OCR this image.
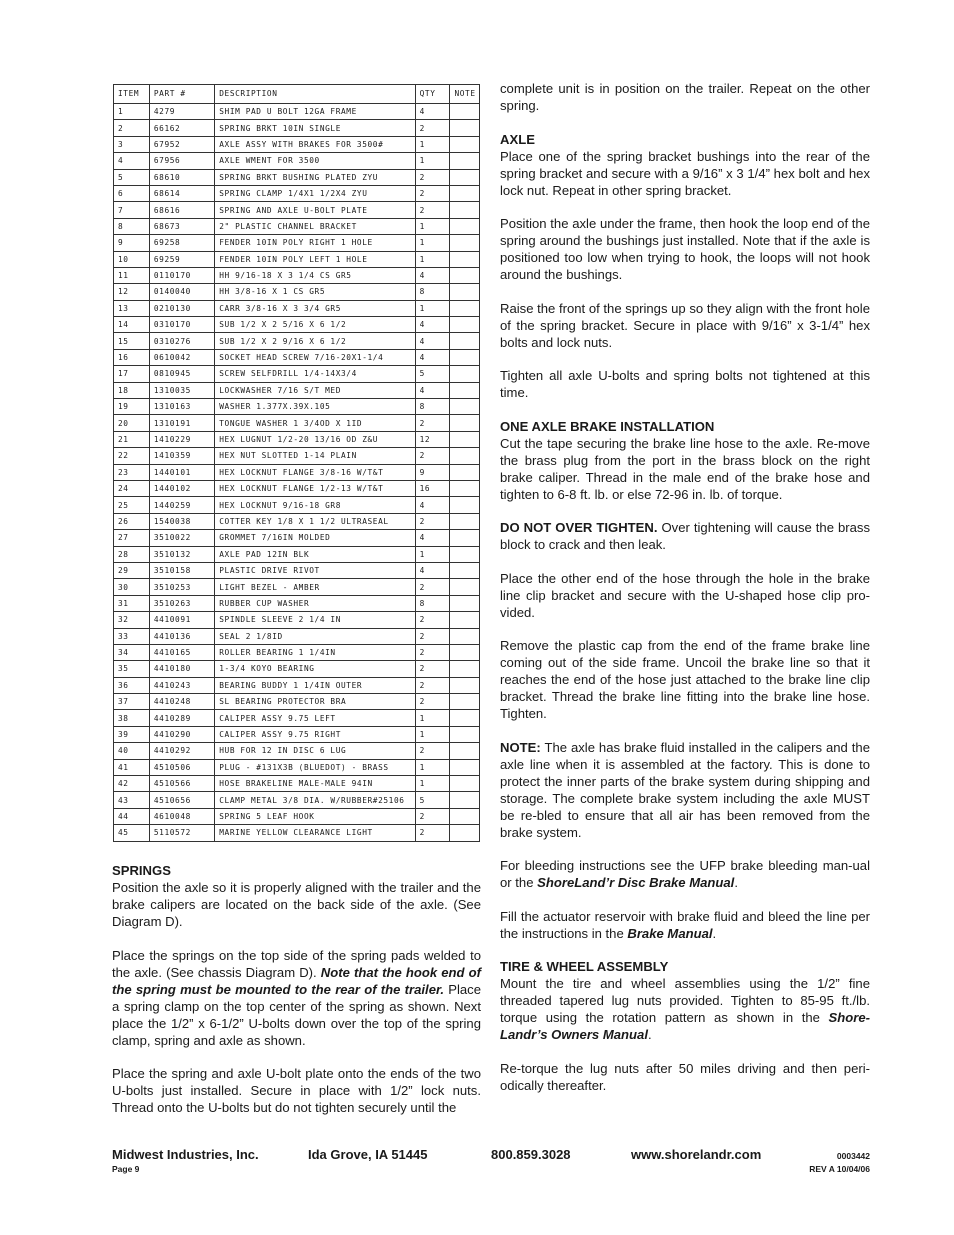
ITEM	PART #	DESCRIPTION	QTY	NOTE
1	4279	SHIM PAD U BOLT 12GA FRAME	4	
2	66162	SPRING BRKT 10IN SINGLE	2	
3	67952	AXLE ASSY WITH BRAKES FOR 3500#	1	
4	67956	AXLE WMENT FOR 3500	1	
5	68610	SPRING BRKT BUSHING PLATED ZYU	2	
6	68614	SPRING CLAMP 1/4X1 1/2X4 ZYU	2	
7	68616	SPRING AND AXLE U-BOLT PLATE	2	
8	68673	2" PLASTIC CHANNEL BRACKET	1	
9	69258	FENDER 10IN POLY RIGHT 1 HOLE	1	
10	69259	FENDER 10IN POLY LEFT 1 HOLE	1	
11	0110170	HH 9/16-18 X 3 1/4 CS GR5	4	
12	0140040	HH 3/8-16 X 1 CS GR5	8	
13	0210130	CARR 3/8-16 X 3 3/4 GR5	1	
14	0310170	SUB 1/2 X 2 5/16 X 6 1/2	4	
15	0310276	SUB 1/2 X 2 9/16 X 6 1/2	4	
16	0610042	SOCKET HEAD SCREW 7/16-20X1-1/4	4	
17	0810945	SCREW SELFDRILL 1/4-14X3/4	5	
18	1310035	LOCKWASHER 7/16 S/T MED	4	
19	1310163	WASHER 1.377X.39X.105	8	
20	1310191	TONGUE WASHER 1 3/4OD X 1ID	2	
21	1410229	HEX LUGNUT 1/2-20 13/16 OD Z&U	12	
22	1410359	HEX NUT SLOTTED 1-14 PLAIN	2	
23	1440101	HEX LOCKNUT FLANGE 3/8-16 W/T&T	9	
24	1440102	HEX LOCKNUT FLANGE 1/2-13 W/T&T	16	
25	1440259	HEX LOCKNUT 9/16-18 GR8	4	
26	1540038	COTTER KEY 1/8 X 1 1/2 ULTRASEAL	2	
27	3510022	GROMMET 7/16IN MOLDED	4	
28	3510132	AXLE PAD 12IN BLK	1	
29	3510158	PLASTIC DRIVE RIVOT	4	
30	3510253	LIGHT BEZEL - AMBER	2	
31	3510263	RUBBER CUP WASHER	8	
32	4410091	SPINDLE SLEEVE 2 1/4 IN	2	
33	4410136	SEAL 2 1/8ID	2	
34	4410165	ROLLER BEARING 1 1/4IN	2	
35	4410180	1-3/4 KOYO BEARING	2	
36	4410243	BEARING BUDDY 1 1/4IN OUTER	2	
37	4410248	SL BEARING PROTECTOR BRA	2	
38	4410289	CALIPER ASSY 9.75 LEFT	1	
39	4410290	CALIPER ASSY 9.75 RIGHT	1	
40	4410292	HUB FOR 12 IN DISC 6 LUG	2	
41	4510506	PLUG - #131X3B (BLUEDOT) - BRASS	1	
42	4510566	HOSE BRAKELINE MALE-MALE 94IN	1	
43	4510656	CLAMP METAL 3/8 DIA. W/RUBBER#25106	5	
44	4610048	SPRING 5 LEAF HOOK	2	
45	5110572	MARINE YELLOW CLEARANCE LIGHT	2	
SPRINGS

Position the axle so it is properly aligned with the trailer and the brake calipers are located on the back side of the axle. (See Diagram D).

Place the springs on the top side of the spring pads welded to the axle. (See chassis Diagram D). Note that the hook end of the spring must be mounted to the rear of the trailer. Place a spring clamp on the top center of the spring as shown. Next place the 1/2” x 6-1/2” U-bolts down over the top of the spring clamp, spring and axle as shown.

Place the spring and axle U-bolt plate onto the ends of the two U-bolts just installed. Secure in place with 1/2” lock nuts. Thread onto the U-bolts but do not tighten securely until the

complete unit is in position on the trailer. Repeat on the other spring.

AXLE

Place one of the spring bracket bushings into the rear of the spring bracket and secure with a 9/16” x 3 1/4” hex bolt and hex lock nut. Repeat in other spring bracket.

Position the axle under the frame, then hook the loop end of the spring around the bushings just installed. Note that if the axle is positioned too low when trying to hook, the loops will not hook around the bushings.

Raise the front of the springs up so they align with the front hole of the spring bracket. Secure in place with 9/16” x 3-1/4” hex bolts and lock nuts.

Tighten all axle U-bolts and spring bolts not tightened at this time.

ONE AXLE BRAKE INSTALLATION

Cut the tape securing the brake line hose to the axle. Re-move the brass plug from the port in the brass block on the right brake caliper. Thread in the male end of the brake hose and tighten to 6-8 ft. lb. or else 72-96 in. lb. of torque.

DO NOT OVER TIGHTEN. Over tightening will cause the brass block to crack and then leak.

Place the other end of the hose through the hole in the brake line clip bracket and secure with the U-shaped hose clip pro-vided.

Remove the plastic cap from the end of the frame brake line coming out of the side frame. Uncoil the brake line so that it reaches the end of the hose just attached to the brake line clip bracket. Thread the brake line fitting into the brake line hose. Tighten.

NOTE: The axle has brake fluid installed in the calipers and the axle line when it is assembled at the factory. This is done to protect the inner parts of the brake system during shipping and storage. The complete brake system including the axle MUST be re-bled to ensure that all air has been removed from the brake system.

For bleeding instructions see the UFP brake bleeding man-ual or the ShoreLand’r Disc Brake Manual.

Fill the actuator reservoir with brake fluid and bleed the line per the instructions in the Brake Manual.

TIRE & WHEEL ASSEMBLY

Mount the tire and wheel assemblies using the 1/2” fine threaded tapered lug nuts provided. Tighten to 85-95 ft./lb. torque using the rotation pattern as shown in the Shore-Landr’s Owners Manual.

Re-torque the lug nuts after 50 miles driving and then peri-odically thereafter.

Midwest Industries, Inc.	Ida Grove, IA 51445	800.859.3028	www.shorelandr.com	0003442
Page 9	REV A 10/04/06
